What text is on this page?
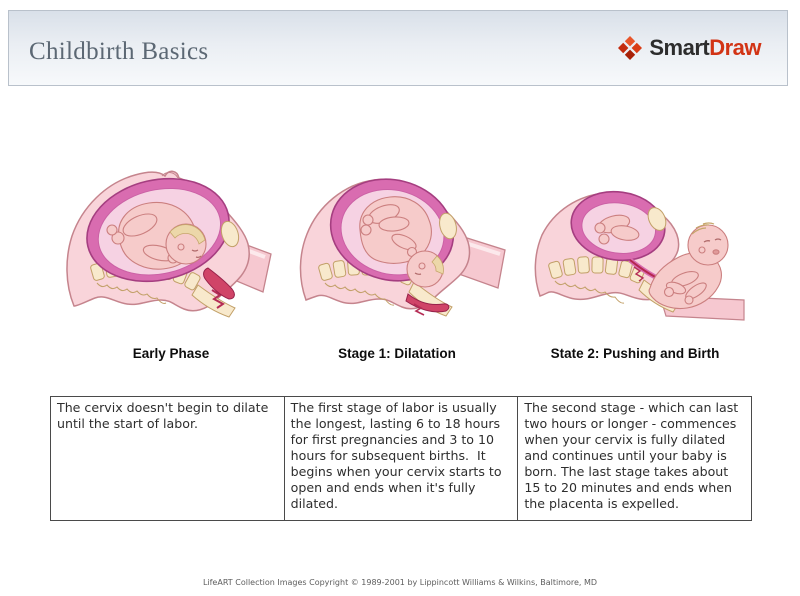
Childbirth Basics	SmartDraw
Early Phase	Stage 1: Dilatation	State 2: Pushing and Birth
The cervix doesn't begin to dilate until the start of labor.	The first stage of labor is usually the longest, lasting 6 to 18 hours for first pregnancies and 3 to 10 hours for subsequent births.  It begins when your cervix starts to open and ends when it's fully dilated.	The second stage - which can last two hours or longer - commences when your cervix is fully dilated and continues until your baby is born. The last stage takes about 15 to 20 minutes and ends when the placenta is expelled.
LifeART Collection Images Copyright © 1989-2001 by Lippincott Williams & Wilkins, Baltimore, MD
